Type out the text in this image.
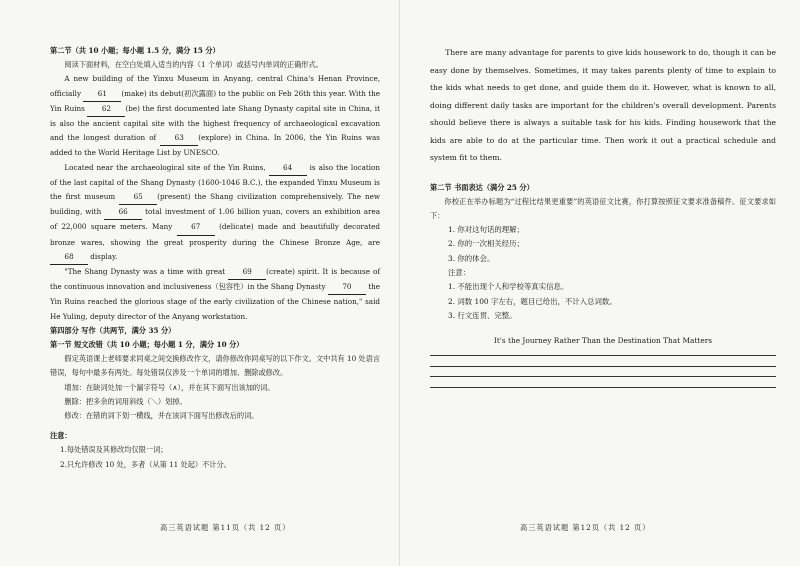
第二节（共 10 小题；每小题 1.5 分，满分 15 分）

阅读下面材料，在空白处填入适当的内容（1 个单词）或括号内单词的正确形式。

A new building of the Yinxu Museum in Anyang, central China's Henan Province, officially 61 (make) its debut(初次露面) to the public on Feb 26th this year. With the Yin Ruins 62 (be) the first documented late Shang Dynasty capital site in China, it is also the ancient capital site with the highest frequency of archaeological excavation and the longest duration of 63 (explore) in China. In 2006, the Yin Ruins was added to the World Heritage List by UNESCO.

Located near the archaeological site of the Yin Ruins, 64 is also the location of the last capital of the Shang Dynasty (1600-1046 B.C.), the expanded Yinxu Museum is the first museum 65 (present) the Shang civilization comprehensively. The new building, with 66 total investment of 1.06 billion yuan, covers an exhibition area of 22,000 square meters. Many 67 (delicate) made and beautifully decorated bronze wares, showing the great prosperity during the Chinese Bronze Age, are 68 display.

"The Shang Dynasty was a time with great 69 (create) spirit. It is because of the continuous innovation and inclusiveness（包容性）in the Shang Dynasty 70 the Yin Ruins reached the glorious stage of the early civilization of the Chinese nation," said He Yuling, deputy director of the Anyang workstation.

第四部分 写作（共两节，满分 35 分）

第一节 短文改错（共 10 小题；每小题 1 分，满分 10 分）

假定英语课上老师要求同桌之间交换修改作文，请你修改你同桌写的以下作文。文中共有 10 处语言错误，每句中最多有两处。每处错误仅涉及一个单词的增加、删除或修改。

增加：在缺词处加一个漏字符号（∧），并在其下面写出该加的词。

删除：把多余的词用斜线（＼）划掉。

修改：在错的词下划一横线，并在该词下面写出修改后的词。

注意：

1.每处错误及其修改均仅限一词；

2.只允许修改 10 处，多者（从第 11 处起）不计分。

高三英语试题 第11页（共 12 页）

There are many advantage for parents to give kids housework to do, though it can be easy done by themselves. Sometimes, it may takes parents plenty of time to explain to the kids what needs to get done, and guide them do it. However, what is known to all, doing different daily tasks are important for the children's overall development. Parents should believe there is always a suitable task for his kids. Finding housework that the kids are able to do at the particular time. Then work it out a practical schedule and system fit to them.

第二节 书面表达（满分 25 分）

你校正在举办标题为“过程比结果更重要”的英语征文比赛，你打算按照征文要求准备稿件。征文要求如下：

1. 你对这句话的理解；

2. 你的一次相关经历；

3. 你的体会。

注意：

1. 不能出现个人和学校等真实信息。

2. 词数 100 字左右，题目已给出，不计入总词数。

3. 行文连贯、完整。

It's the Journey Rather Than the Destination That Matters

高三英语试题 第12页（共 12 页）
